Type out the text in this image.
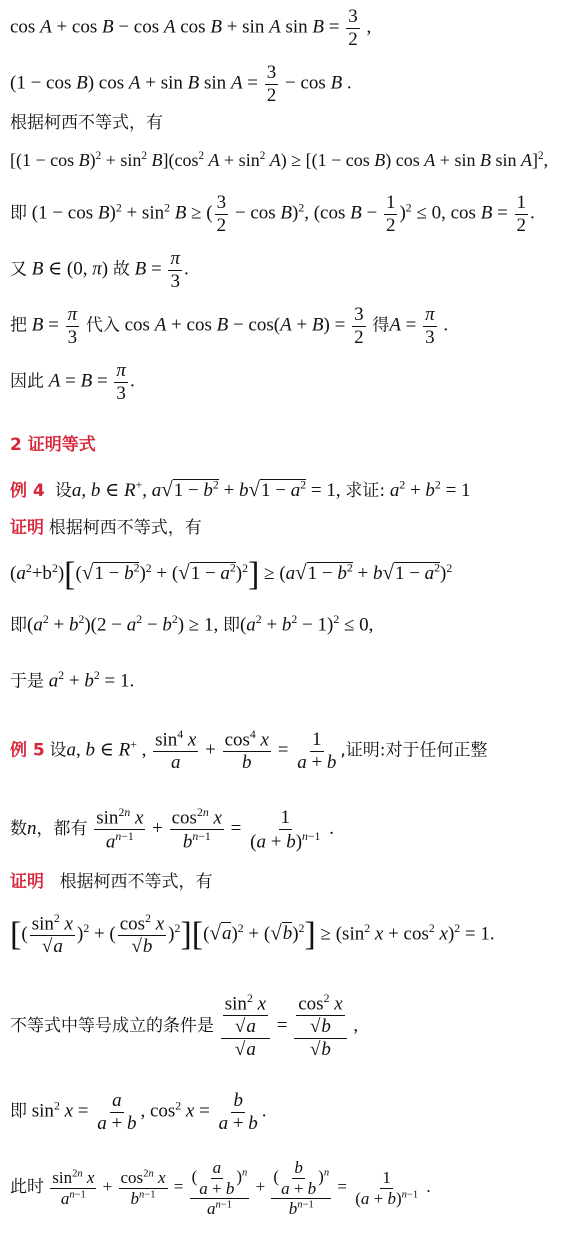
cos A + cos B − cos A cos B + sin A $\sin B = \frac{3}{2}$ ,
(1 − cos B) cos A + sin B $\sin A = \frac{3}{2} - \cos B$ .
根据柯西不等式，有
$[(1 - \cos B)^2 + \sin^2 B](\cos^2$ $A + \sin^2 A) \ge [(1 - \cos B)$ cos A + sin B sin A]$^2$,
即 $(1 - \cos B)^2 + \sin^2 B$ ≥ ( $\frac{3}{2} - \cos B)^2$, (cos $B - \frac{1}{2} )^2 \le 0$, $\cos B = \frac{1}{2}$ .
又 B ∈ (0, π) 故 $B = \frac{\pi}{3}$ .
把 $B = \frac{\pi}{3}$ 代入 $\cos A + \cos B - \cos(A + B) = \frac{3}{2}$ 得$A = \frac{\pi}{3}$ .
因此 $A = B = \frac{\pi}{3}$ .
2 证明等式
例 4  设a, b ∈ R+, $a√1 - b^2 + b√1 - a^2 = 1$, 求证: $a^2 + b^2 = 1$
证明 根据柯西不等式，有
$(a^2+b^2)[(√1 - b^2)^2 + (√1 - a^2)^2] \ge (a√1 - b^2 + b√1 - a^2)^2$
即$(a^2 + b^2)(2 - a^2 - b^2) \ge 1$, 即$(a^2 + b^2 - 1)^2 \le 0$,
于是 $a^2 + b^2 = 1$.
例 5 设a, b ∈ R+ , $\frac{\sin^4 x}{a} + \frac{\cos^4 x}{b} = \frac{1}{a + b}$ ,证明:对于任何正整
数n，都有 $\frac{\sin^{2n} x}{a^{n-1}} + \frac{\cos^{2n} x}{b^{n-1}} = \frac{1}{(a + b)^{n-1}}$ .
证明 根据柯西不等式，有
[( $\frac{\sin^2 x}{√a} )^2$ + ( $\frac{\cos^2 x}{√b} )^2][(√a)^2 + (√b)^2] \ge (\sin^2$ $x + \cos^2 x)^2 = 1$.
不等式中等号成立的条件是 $\frac{\frac{\sin^2 x}{√a}}{√a} = \frac{\frac{\cos^2 x}{√b}}{√b}$ ,
即 $\sin^2 x = \frac{a}{a + b}$ , $\cos^2 x = \frac{b}{a + b}$ .
此时 $\frac{\sin^{2n} x}{a^{n-1}} + \frac{\cos^{2n} x}{b^{n-1}} = \frac{( \frac{a}{a + b} )^n}{a^{n-1}} + \frac{( \frac{b}{a + b} )^n}{b^{n-1}} = \frac{1}{(a + b)^{n-1}}$ .
